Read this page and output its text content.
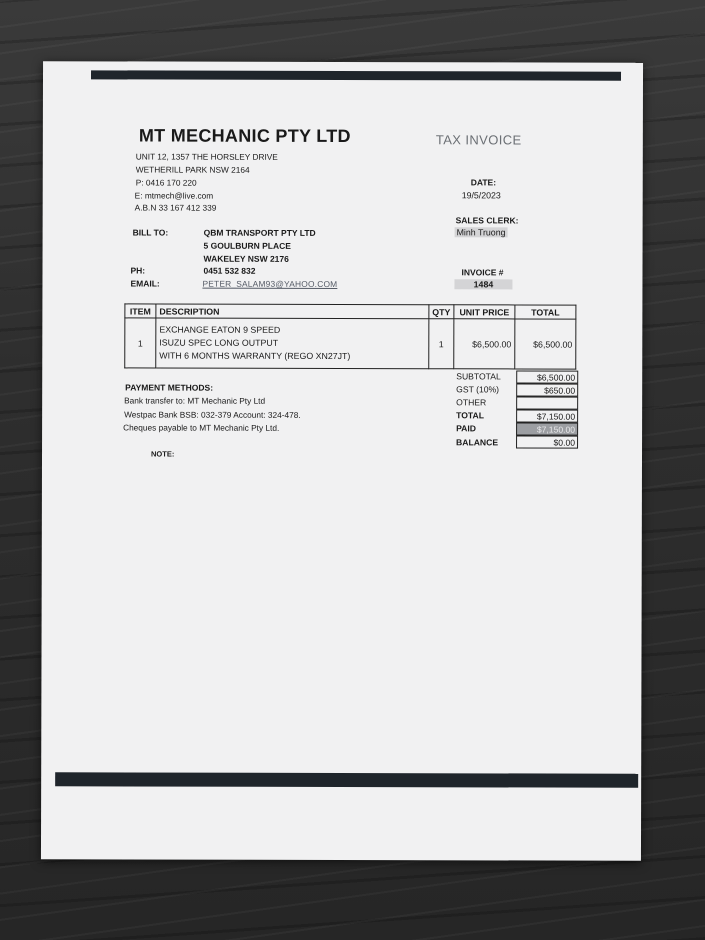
MT MECHANIC PTY LTD
UNIT 12, 1357 THE HORSLEY DRIVE
WETHERILL PARK NSW 2164
P: 0416 170 220
E: mtmech@live.com
A.B.N 33 167 412 339
TAX INVOICE
DATE:
19/5/2023
SALES CLERK:
Minh Truong
INVOICE #
1484
BILL TO:	QBM TRANSPORT PTY LTD
5 GOULBURN PLACE
WAKELEY NSW 2176
PH:	0451 532 832
EMAIL:	PETER_SALAM93@YAHOO.COM
ITEM	DESCRIPTION	QTY	UNIT PRICE	TOTAL
1	EXCHANGE EATON 9 SPEED
ISUZU SPEC LONG OUTPUT
WITH 6 MONTHS WARRANTY (REGO XN27JT)	1	$6,500.00	$6,500.00
PAYMENT METHODS:
Bank transfer to: MT Mechanic Pty Ltd
Westpac Bank BSB: 032-379 Account: 324-478.
Cheques payable to MT Mechanic Pty Ltd.
NOTE:
SUBTOTAL	$6,500.00
GST (10%)	$650.00
OTHER
TOTAL	$7,150.00
PAID	$7,150.00
BALANCE	$0.00
